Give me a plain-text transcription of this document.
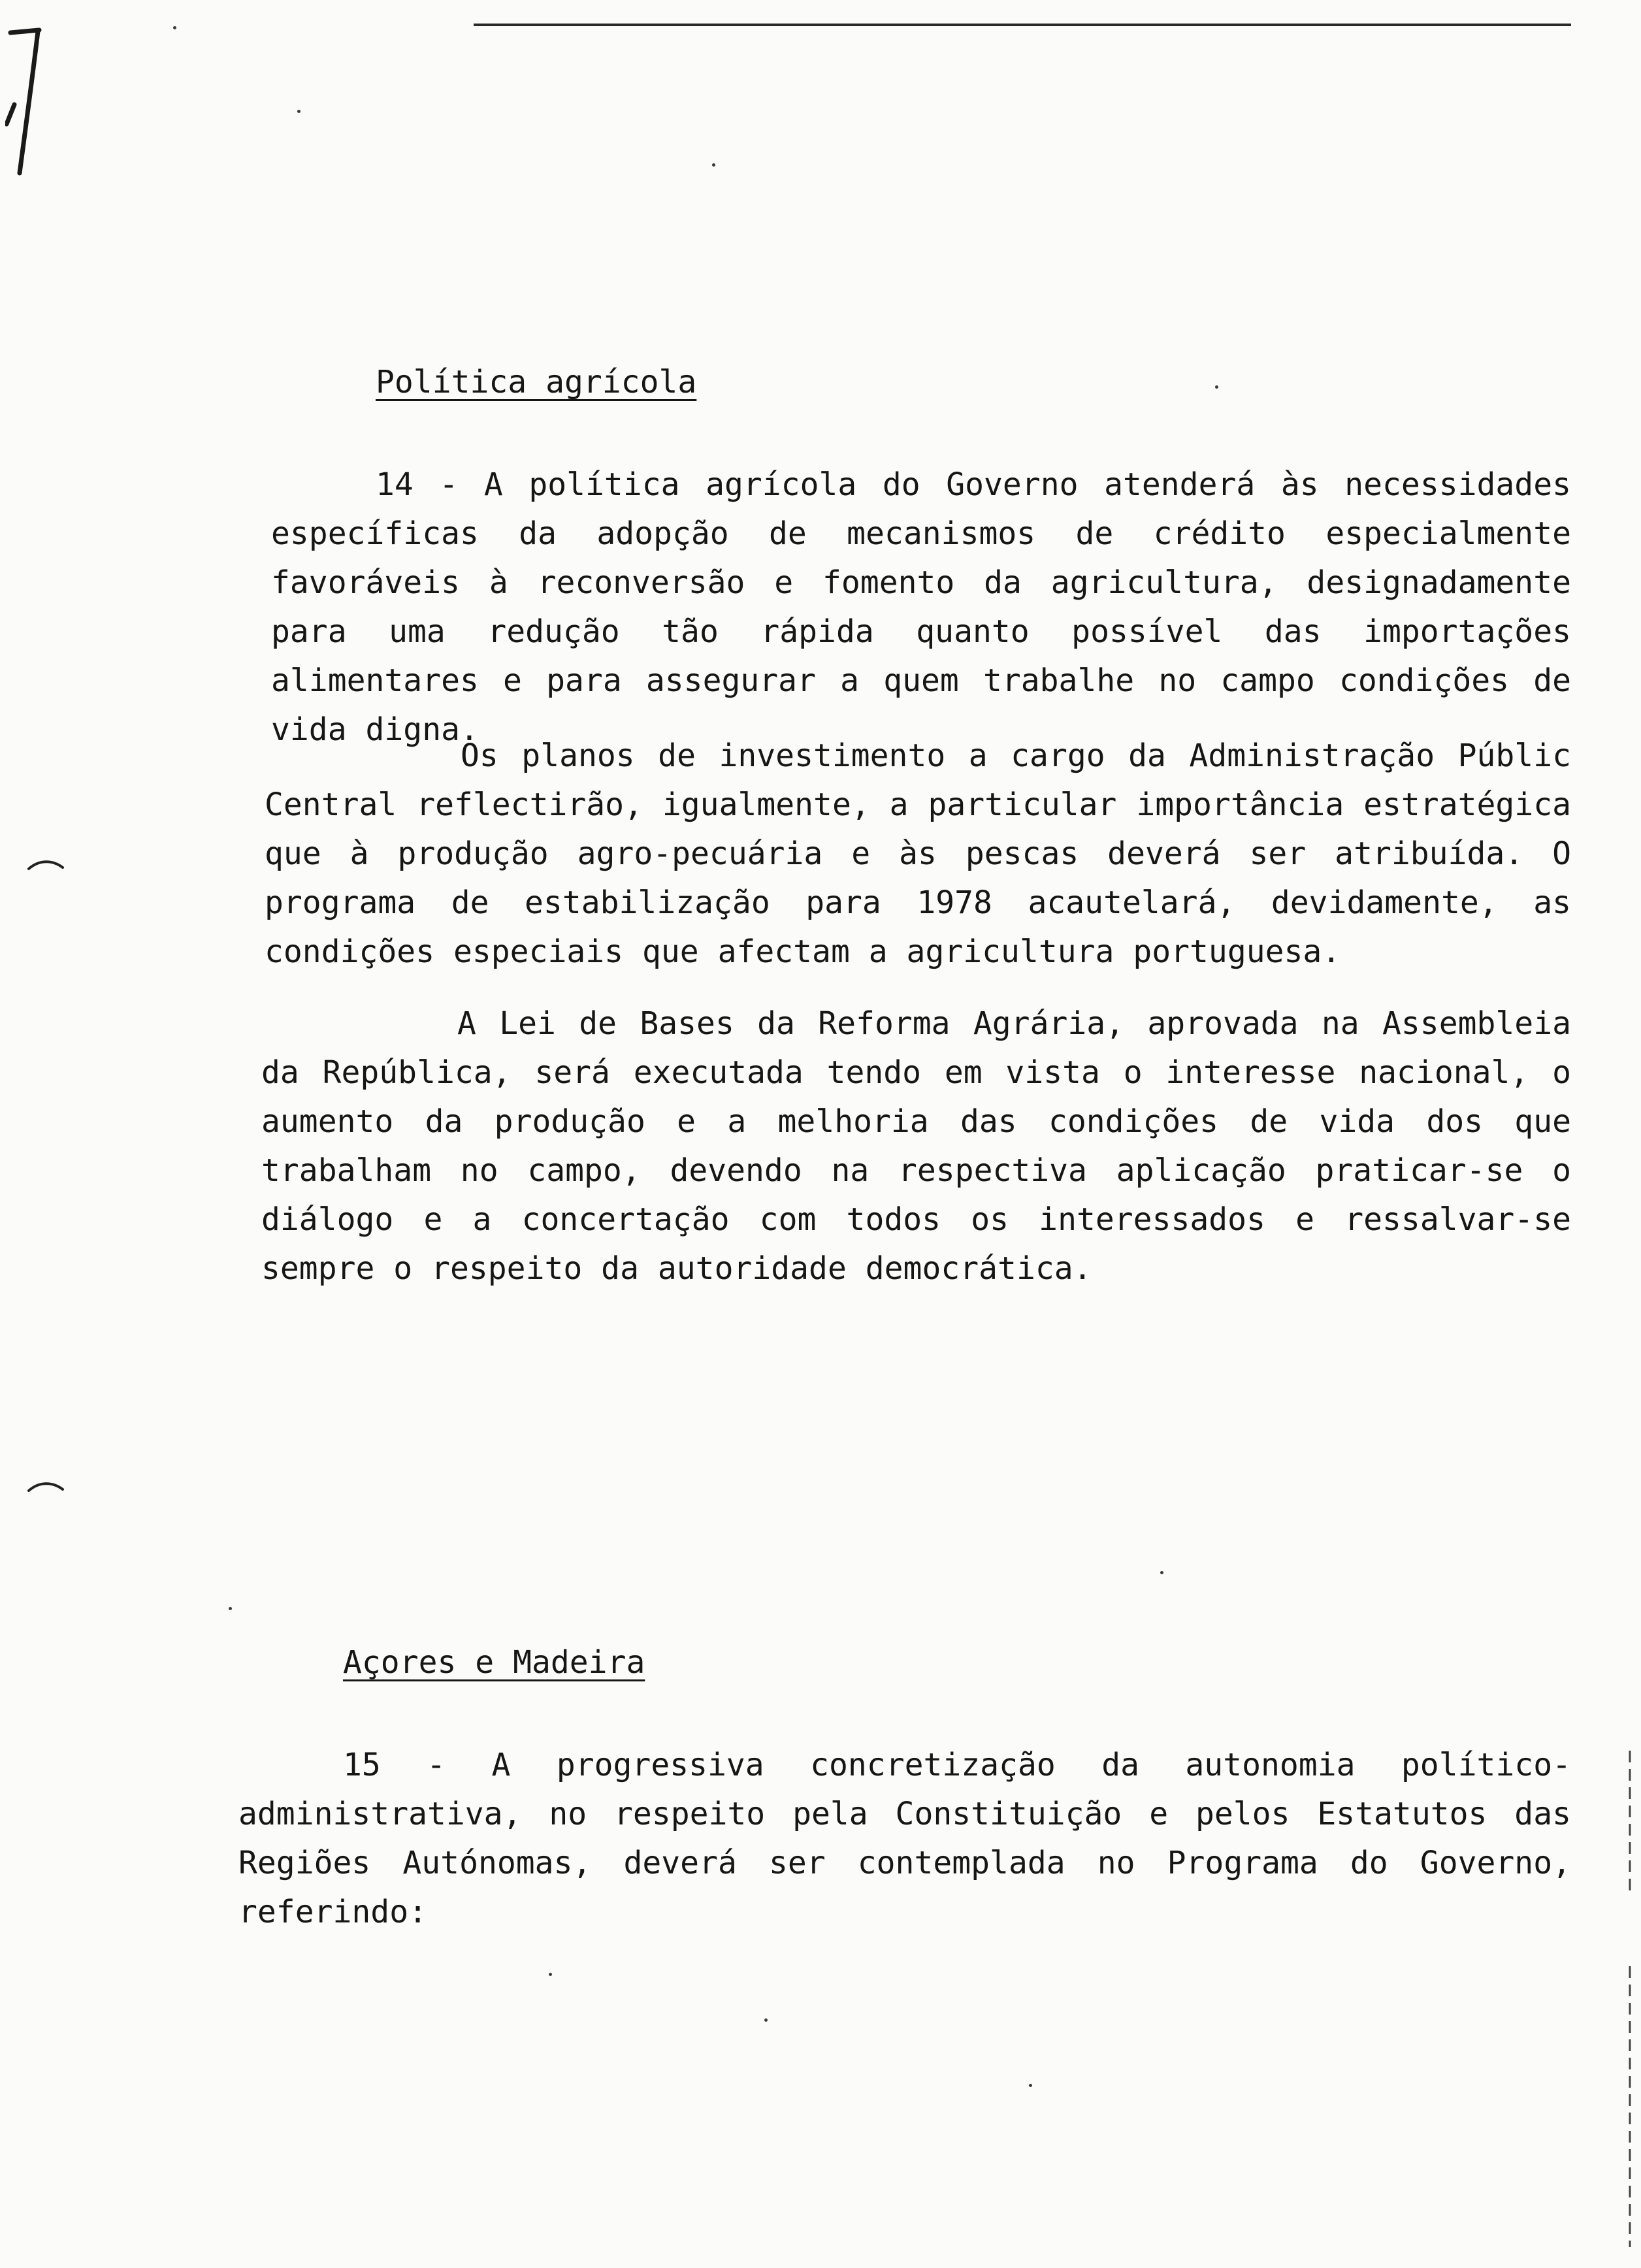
Política agrícola

14 - A política agrícola do Governo atenderá às necessidades específicas da adopção de mecanismos de crédito especialmente favoráveis à reconversão e fomento da agricultura, designadamente para uma redução tão rápida quanto possível das importações alimentares e para assegurar a quem trabalhe no campo condições de vida digna.

Os planos de investimento a cargo da Administração Públic Central reflectirão, igualmente, a particular importância estratégica que à produção agro-pecuária e às pescas deverá ser atribuída. O programa de estabilização para 1978 acautelará, devidamente, as condições especiais que afectam a agricultura portuguesa.

A Lei de Bases da Reforma Agrária, aprovada na Assembleia da República, será executada tendo em vista o interesse nacional, o aumento da produção e a melhoria das condições de vida dos que trabalham no campo, devendo na respectiva aplicação praticar-se o diálogo e a concertação com todos os interessados e ressalvar-se sempre o respeito da autoridade democrática.

Açores e Madeira

15 - A progressiva concretização da autonomia político-administrativa, no respeito pela Constituição e pelos Estatutos das Regiões Autónomas, deverá ser contemplada no Programa do Governo, referindo:
